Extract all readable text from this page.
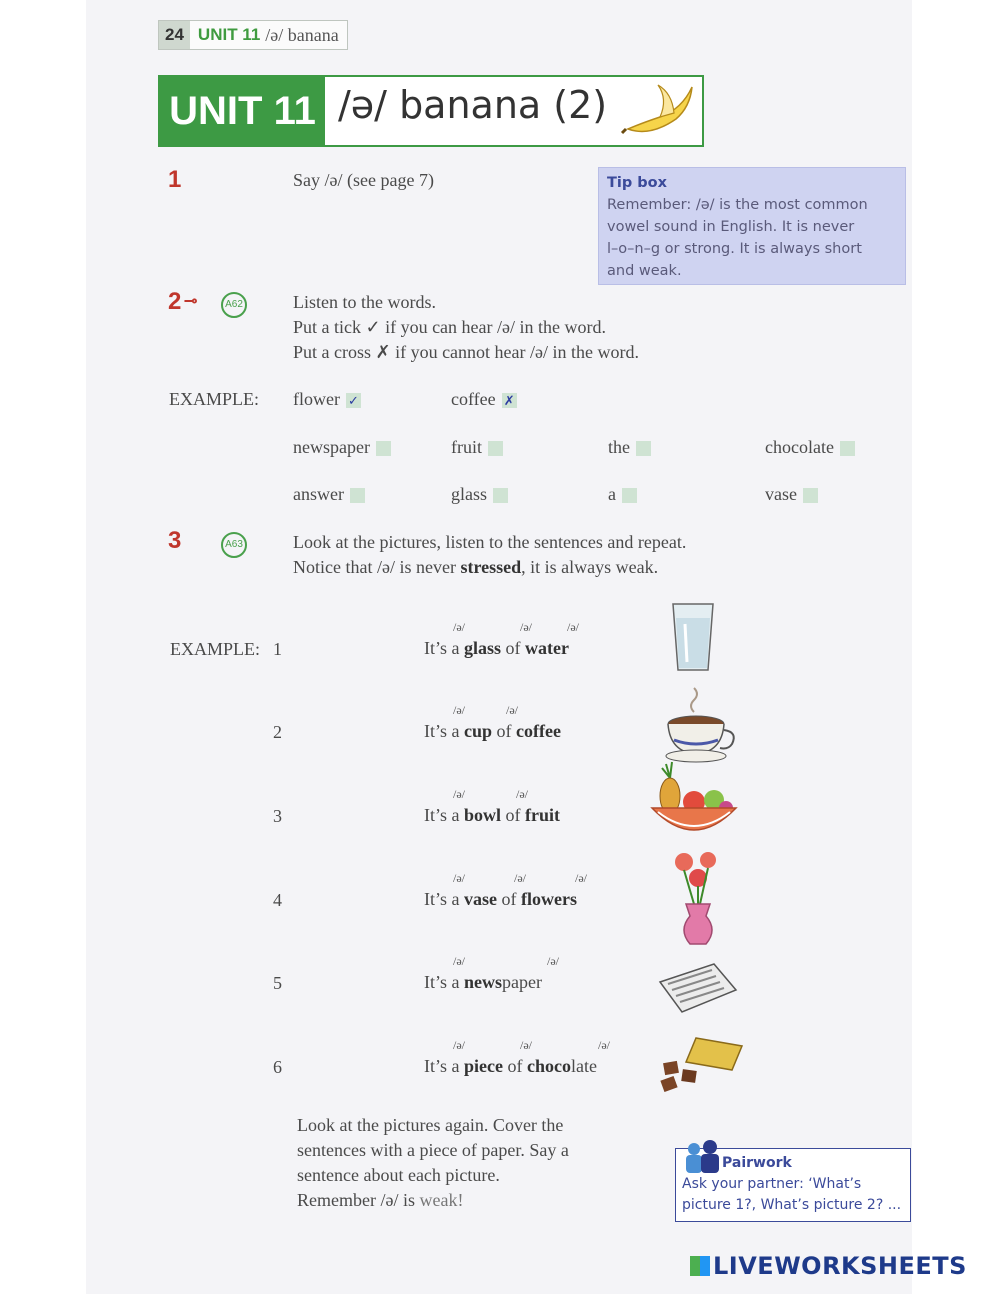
24 UNIT 11 /ə/ banana
UNIT 11 /ə/ banana (2)
1	Say /ə/ (see page 7)	Tip box
Remember: /ə/ is the most common
vowel sound in English. It is never
l–o–n–g or strong. It is always short
and weak.
2 ⊸	A62	Listen to the words.
Put a tick ✓ if you can hear /ə/ in the word.
Put a cross ✗ if you cannot hear /ə/ in the word.
EXAMPLE: flower ✓	coffee ✗
newspaper	fruit	the	chocolate
answer	glass	a	vase
3	A63	Look at the pictures, listen to the sentences and repeat.
Notice that /ə/ is never stressed, it is always weak.
EXAMPLE: 1
/ə/	/ə/	/ə/
It’s a glass of water
2
/ə/	/ə/
It’s a cup of coffee
3
/ə/	/ə/
It’s a bowl of fruit
4
/ə/	/ə/	/ə/
It’s a vase of flowers
5
/ə/	/ə/
It’s a newspaper
6
/ə/	/ə/	/ə/
It’s a piece of chocolate
Look at the pictures again. Cover the
sentences with a piece of paper. Say a
sentence about each picture.
Remember /ə/ is weak!
Pairwork
Ask your partner: ‘What’s
picture 1?, What’s picture 2? ...
LIVEWORKSHEETS
